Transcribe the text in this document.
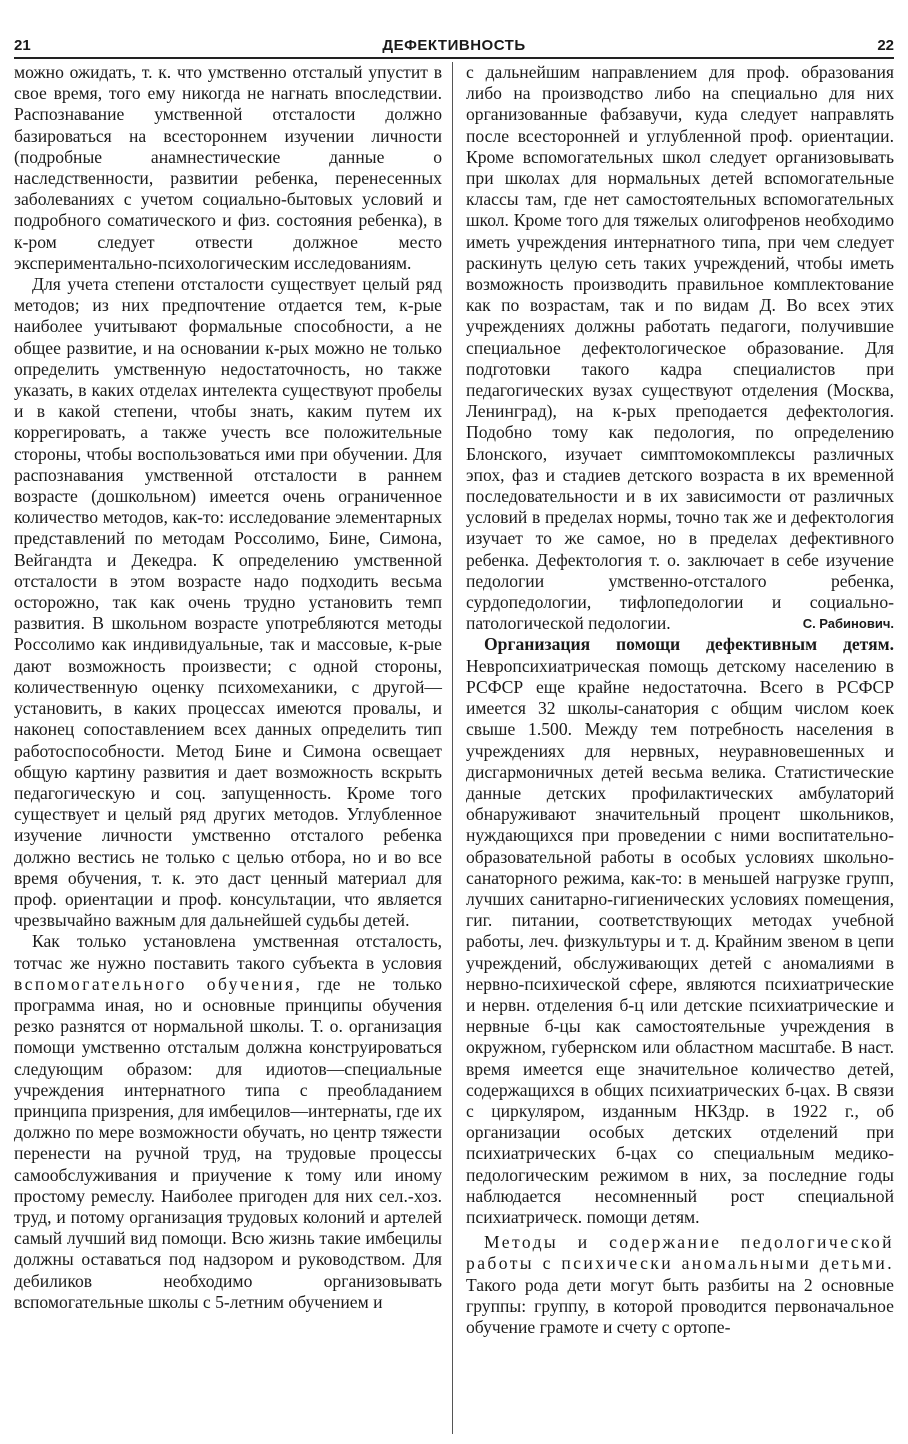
21	ДЕФЕКТИВНОСТЬ	22

можно ожидать, т. к. что умственно отсталый упустит в свое время, того ему никогда не нагнать впоследствии. Распознавание умственной отсталости должно базироваться на всестороннем изучении личности (подробные анамнестические данные о наследственности, развитии ребенка, перенесенных заболеваниях с учетом социально-бытовых условий и подробного соматического и физ. состояния ребенка), в к-ром следует отвести должное место экспериментально-психологическим исследованиям.

Для учета степени отсталости существует целый ряд методов; из них предпочтение отдается тем, к-рые наиболее учитывают формальные способности, а не общее развитие, и на основании к-рых можно не только определить умственную недостаточность, но также указать, в каких отделах интелекта существуют пробелы и в какой степени, чтобы знать, каким путем их коррегировать, а также учесть все положительные стороны, чтобы воспользоваться ими при обучении. Для распознавания умственной отсталости в раннем возрасте (дошкольном) имеется очень ограниченное количество методов, как-то: исследование элементарных представлений по методам Россолимо, Бине, Симона, Вейгандта и Декедра. К определению умственной отсталости в этом возрасте надо подходить весьма осторожно, так как очень трудно установить темп развития. В школьном возрасте употребляются методы Россолимо как индивидуальные, так и массовые, к-рые дают возможность произвести; с одной стороны, количественную оценку психомеханики, с другой—установить, в каких процессах имеются провалы, и наконец сопоставлением всех данных определить тип работоспособности. Метод Бине и Симона освещает общую картину развития и дает возможность вскрыть педагогическую и соц. запущенность. Кроме того существует и целый ряд других методов. Углубленное изучение личности умственно отсталого ребенка должно вестись не только с целью отбора, но и во все время обучения, т. к. это даст ценный материал для проф. ориентации и проф. консультации, что является чрезвычайно важным для дальнейшей судьбы детей.

Как только установлена умственная отсталость, тотчас же нужно поставить такого субъекта в условия вспомогательного обучения, где не только программа иная, но и основные принципы обучения резко разнятся от нормальной школы. Т. о. организация помощи умственно отсталым должна конструироваться следующим образом: для идиотов—специальные учреждения интернатного типа с преобладанием принципа призрения, для имбецилов—интернаты, где их должно по мере возможности обучать, но центр тяжести перенести на ручной труд, на трудовые процессы самообслуживания и приучение к тому или иному простому ремеслу. Наиболее пригоден для них сел.-хоз. труд, и потому организация трудовых колоний и артелей самый лучший вид помощи. Всю жизнь такие имбецилы должны оставаться под надзором и руководством. Для дебиликов необходимо организовывать вспомогательные школы с 5-летним обучением и

с дальнейшим направлением для проф. образования либо на производство либо на специально для них организованные фабзавучи, куда следует направлять после всесторонней и углубленной проф. ориентации. Кроме вспомогательных школ следует организовывать при школах для нормальных детей вспомогательные классы там, где нет самостоятельных вспомогательных школ. Кроме того для тяжелых олигофренов необходимо иметь учреждения интернатного типа, при чем следует раскинуть целую сеть таких учреждений, чтобы иметь возможность производить правильное комплектование как по возрастам, так и по видам Д. Во всех этих учреждениях должны работать педагоги, получившие специальное дефектологическое образование. Для подготовки такого кадра специалистов при педагогических вузах существуют отделения (Москва, Ленинград), на к-рых преподается дефектология. Подобно тому как педология, по определению Блонского, изучает симптомокомплексы различных эпох, фаз и стадиев детского возраста в их временной последовательности и в их зависимости от различных условий в пределах нормы, точно так же и дефектология изучает то же самое, но в пределах дефективного ребенка. Дефектология т. о. заключает в себе изучение педологии умственно-отсталого ребенка, сурдопедологии, тифлопедологии и социально-патологической педологии.	С. Рабинович.

Организация помощи дефективным детям. Невропсихиатрическая помощь детскому населению в РСФСР еще крайне недостаточна. Всего в РСФСР имеется 32 школы-санатория с общим числом коек свыше 1.500. Между тем потребность населения в учреждениях для нервных, неуравновешенных и дисгармоничных детей весьма велика. Статистические данные детских профилактических амбулаторий обнаруживают значительный процент школьников, нуждающихся при проведении с ними воспитательно-образовательной работы в особых условиях школьно-санаторного режима, как-то: в меньшей нагрузке групп, лучших санитарно-гигиенических условиях помещения, гиг. питании, соответствующих методах учебной работы, леч. физкультуры и т. д. Крайним звеном в цепи учреждений, обслуживающих детей с аномалиями в нервно-психической сфере, являются психиатрические и нервн. отделения б-ц или детские психиатрические и нервные б-цы как самостоятельные учреждения в окружном, губернском или областном масштабе. В наст. время имеется еще значительное количество детей, содержащихся в общих психиатрических б-цах. В связи с циркуляром, изданным НКЗдр. в 1922 г., об организации особых детских отделений при психиатрических б-цах со специальным медико-педологическим режимом в них, за последние годы наблюдается несомненный рост специальной психиатрическ. помощи детям.

Методы и содержание педологической работы с психически аномальными детьми. Такого рода дети могут быть разбиты на 2 основные группы: группу, в которой проводится первоначальное обучение грамоте и счету с ортопе-
